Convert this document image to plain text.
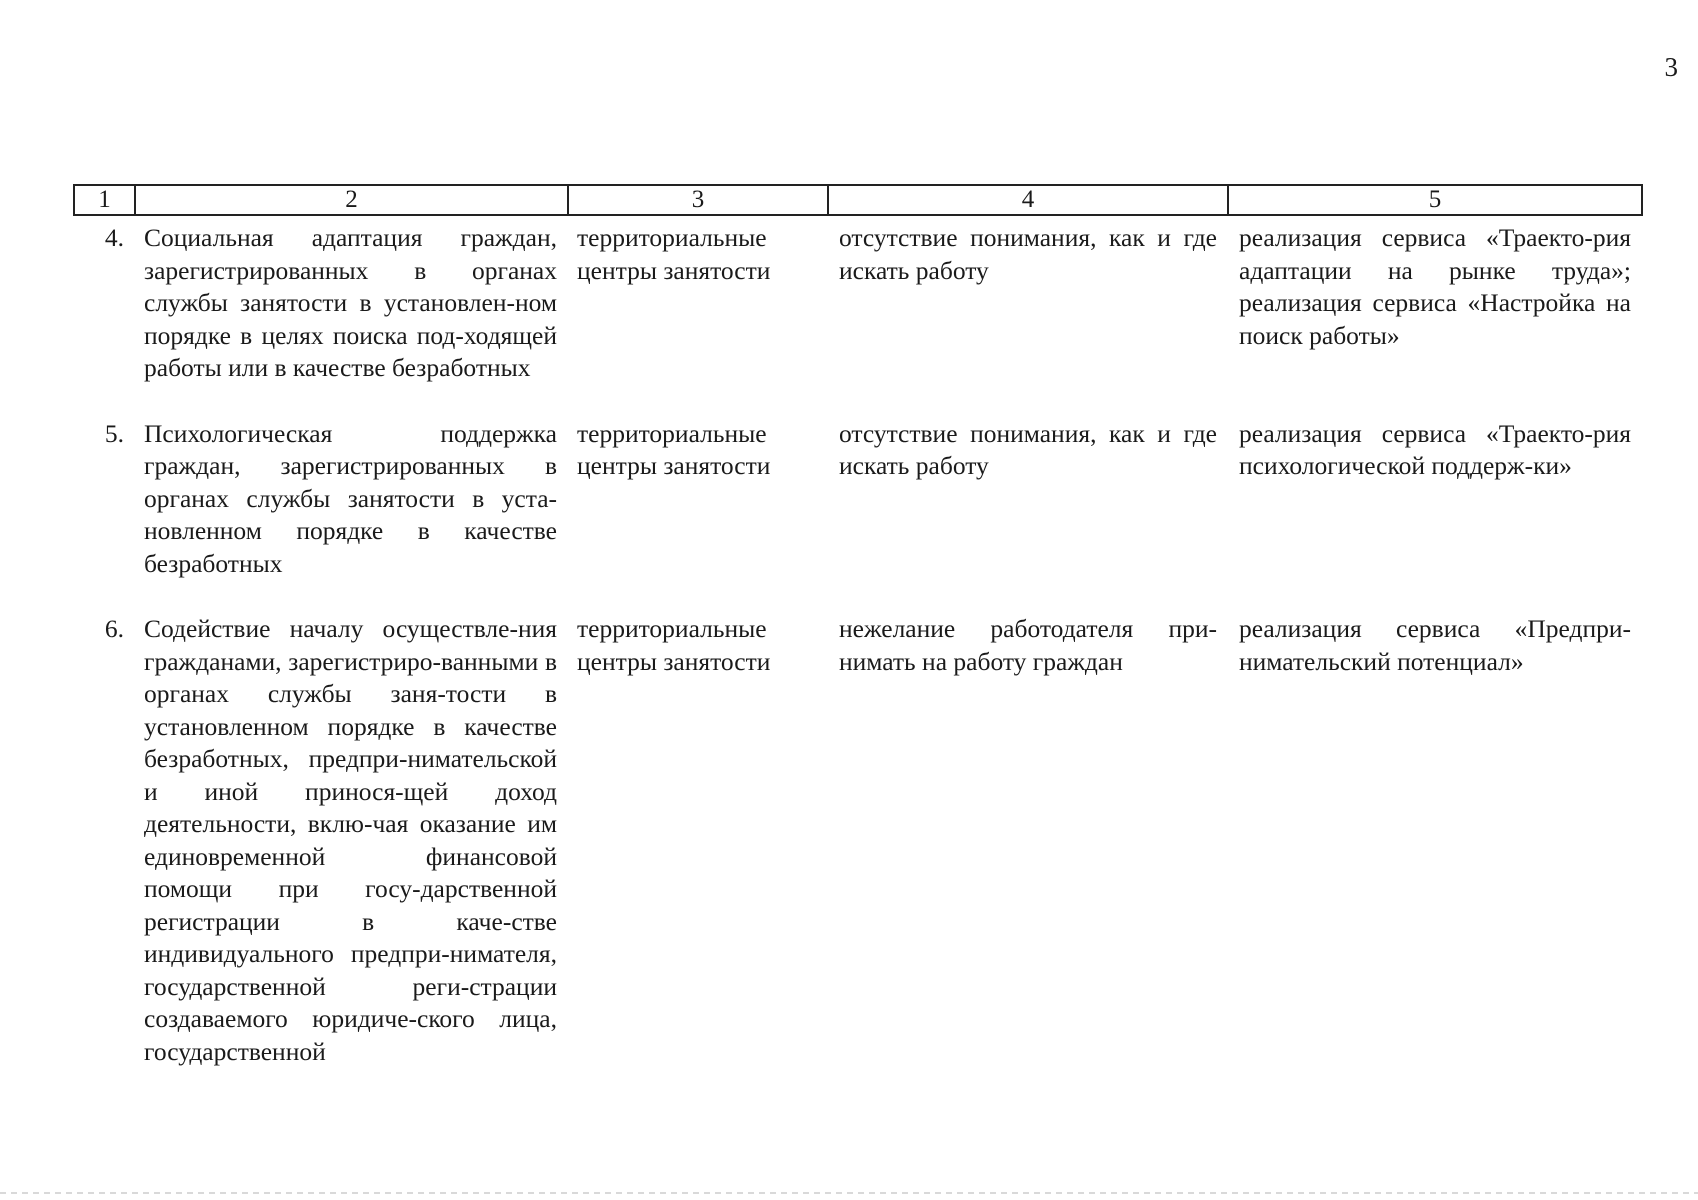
3
1	2	3	4	5
4. Социальная адаптация граждан, зарегистрированных в органах службы занятости в установлен-ном порядке в целях поиска под-ходящей работы или в качестве безработных
территориальные центры занятости
отсутствие понимания, как и где искать работу
реализация сервиса «Траекто-рия адаптации на рынке труда»; реализация сервиса «Настройка на поиск работы»
5. Психологическая поддержка граждан, зарегистрированных в органах службы занятости в уста-новленном порядке в качестве безработных
территориальные центры занятости
отсутствие понимания, как и где искать работу
реализация сервиса «Траекто-рия психологической поддерж-ки»
6. Содействие началу осуществле-ния гражданами, зарегистриро-ванными в органах службы заня-тости в установленном порядке в качестве безработных, предпри-нимательской и иной принося-щей доход деятельности, вклю-чая оказание им единовременной финансовой помощи при госу-дарственной регистрации в каче-стве индивидуального предпри-нимателя, государственной реги-страции создаваемого юридиче-ского лица, государственной
территориальные центры занятости
нежелание работодателя при-нимать на работу граждан
реализация сервиса «Предпри-нимательский потенциал»
